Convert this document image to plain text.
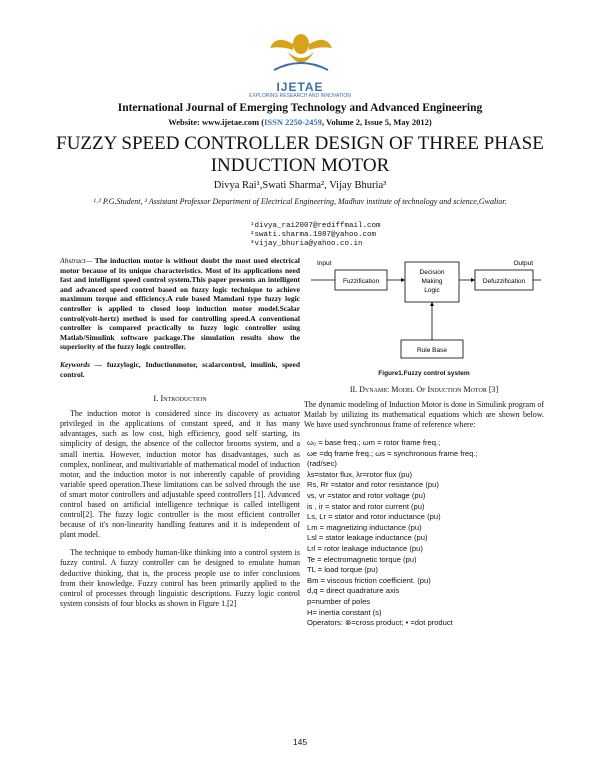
IJETAE
EXPLORING RESEARCH AND INNOVATION
International Journal of Emerging Technology and Advanced Engineering
Website: www.ijetae.com (ISSN 2250-2459, Volume 2, Issue 5, May 2012)
FUZZY SPEED CONTROLLER DESIGN OF THREE PHASE
INDUCTION MOTOR
Divya Rai¹,Swati Sharma², Vijay Bhuria³
¹˒² P.G.Student, ³ Assistant Professor Department of Electrical Engineering, Madhav institute of technology and science,Gwalior.
¹divya_rai2007@rediffmail.com
²swati.sharma.1987@yahoo.com
³vijay_bhuria@yahoo.co.in

Abstract— The induction motor is without doubt the most used electrical motor because of its unique characteristics. Most of its applications need fast and intelligent speed control system.This paper presents an intelligent and advanced speed control based on fuzzy logic technique to achieve maximum torque and efficiency.A rule based Mamdani type fuzzy logic controller is applied to closed loop induction motor model.Scalar control(volt-hertz) method is used for controlling speed.A conventional controller is compared practically to fuzzy logic controller using Matlab/Simulink software package.The simulation results show the superiority of the fuzzy logic controller.

Keywords — fuzzylogic, Inductionmotor, scalarcontrol, imulink, speed control.

I. Introduction

The induction motor is considered since its discovery as actuator privileged in the applications of constant speed, and it has many advantages, such as low cost, high efficiency, good self starting, its simplicity of design, the absence of the collector brooms system, and a small inertia. However, induction motor has disadvantages, such as complex, nonlinear, and multivariable of mathematical model of induction motor, and the induction motor is not inherently capable of providing variable speed operation.These limitations can be solved through the use of smart motor controllers and adjustable speed controllers [1]. Advanced control based on artificial intelligence technique is called intelligent control[2]. The fuzzy logic controller is the most efficient controller because of it's non-linearity handling features and it is independent of plant model.

The technique to embody human-like thinking into a control system is fuzzy control. A fuzzy controller can be designed to emulate human deductive thinking, that is, the process people use to infer conclusions from their knowledge. Fuzzy control has been primarily applied to the control of processes through linguistic descriptions. Fuzzy logic control system consists of four blocks as shown in Figure 1.[2]

Input	Output
Fuzzification
Decision
Making
Logic
Defuzzification
Rule Base
Figure1.Fuzzy control system
II. Dynamic Model Of Induction Motor [3]
The dynamic modeling of Induction Motor is done in Simulink program of Matlab by utilizing its mathematical equations which are shown below. We have used synchronous frame of reference where:
ω₀ = base freq.; ωm = rotor frame freq.;
ωe =dq frame freq.; ωs = synchronous frame freq.;
(rad/sec)
λs=stator flux, λr=rotor flux (pu)
Rs, Rr =stator and rotor resistance (pu)
vs, vr =stator and rotor voltage (pu)
is , ir = stator and rotor current (pu)
Ls, Lr = stator and rotor inductance (pu)
Lm = magnetizing inductance (pu)
Lsl = stator leakage inductance (pu)
Lrl = rotor leakage inductance (pu)
Te = electromagnetic torque (pu)
TL = load torque (pu)
Bm = viscous friction coefficient. (pu)
d,q = direct quadrature axis
p=number of poles
H= inertia constant (s)
Operators: ⊗=cross product; • =dot product
145
